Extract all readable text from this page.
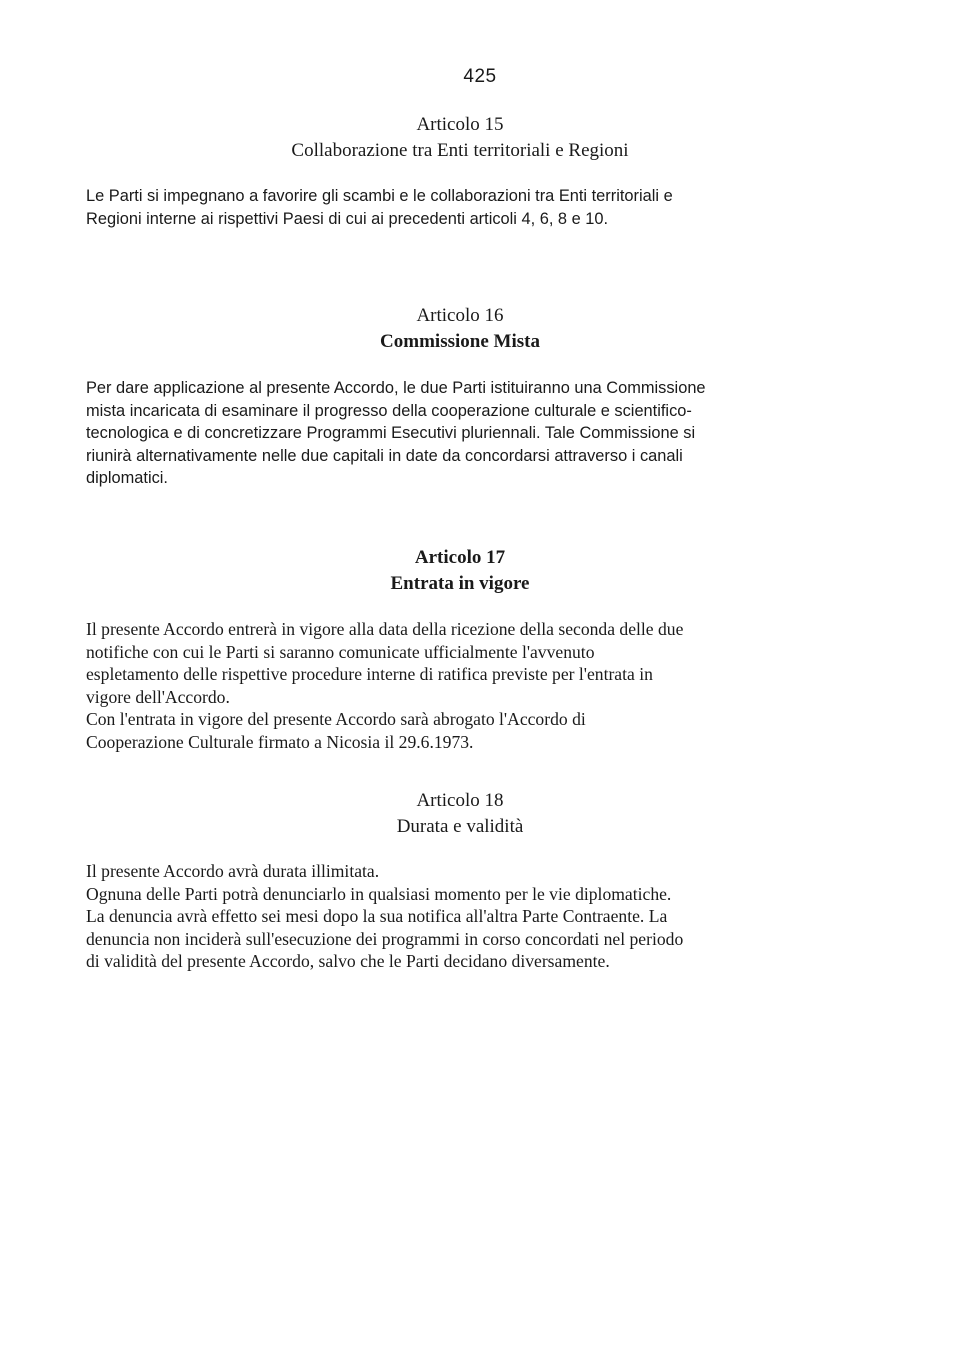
425
Articolo 15
Collaborazione tra Enti territoriali e Regioni
Le Parti si impegnano a favorire gli scambi e le collaborazioni tra Enti territoriali e
Regioni interne ai rispettivi Paesi di cui ai precedenti articoli 4, 6, 8 e 10.
Articolo 16
Commissione Mista
Per dare applicazione al presente Accordo, le due Parti istituiranno una Commissione
mista incaricata di esaminare il progresso della cooperazione culturale e scientifico-
tecnologica e di concretizzare Programmi Esecutivi pluriennali. Tale Commissione si
riunirà alternativamente nelle due capitali in date da concordarsi attraverso i canali
diplomatici.
Articolo 17
Entrata in vigore
Il presente Accordo entrerà in vigore alla data della ricezione della seconda delle due
notifiche con cui le Parti si saranno comunicate ufficialmente l'avvenuto
espletamento delle rispettive procedure interne di ratifica previste per l'entrata in
vigore dell'Accordo.
Con l'entrata in vigore del presente Accordo sarà abrogato l'Accordo di
Cooperazione Culturale firmato a Nicosia il 29.6.1973.
Articolo 18
Durata e validità
Il presente Accordo avrà durata illimitata.
Ognuna delle Parti potrà denunciarlo in qualsiasi momento per le vie diplomatiche.
La denuncia avrà effetto sei mesi dopo la sua notifica all'altra Parte Contraente. La
denuncia non inciderà sull'esecuzione dei programmi in corso concordati nel periodo
di validità del presente Accordo, salvo che le Parti decidano diversamente.
